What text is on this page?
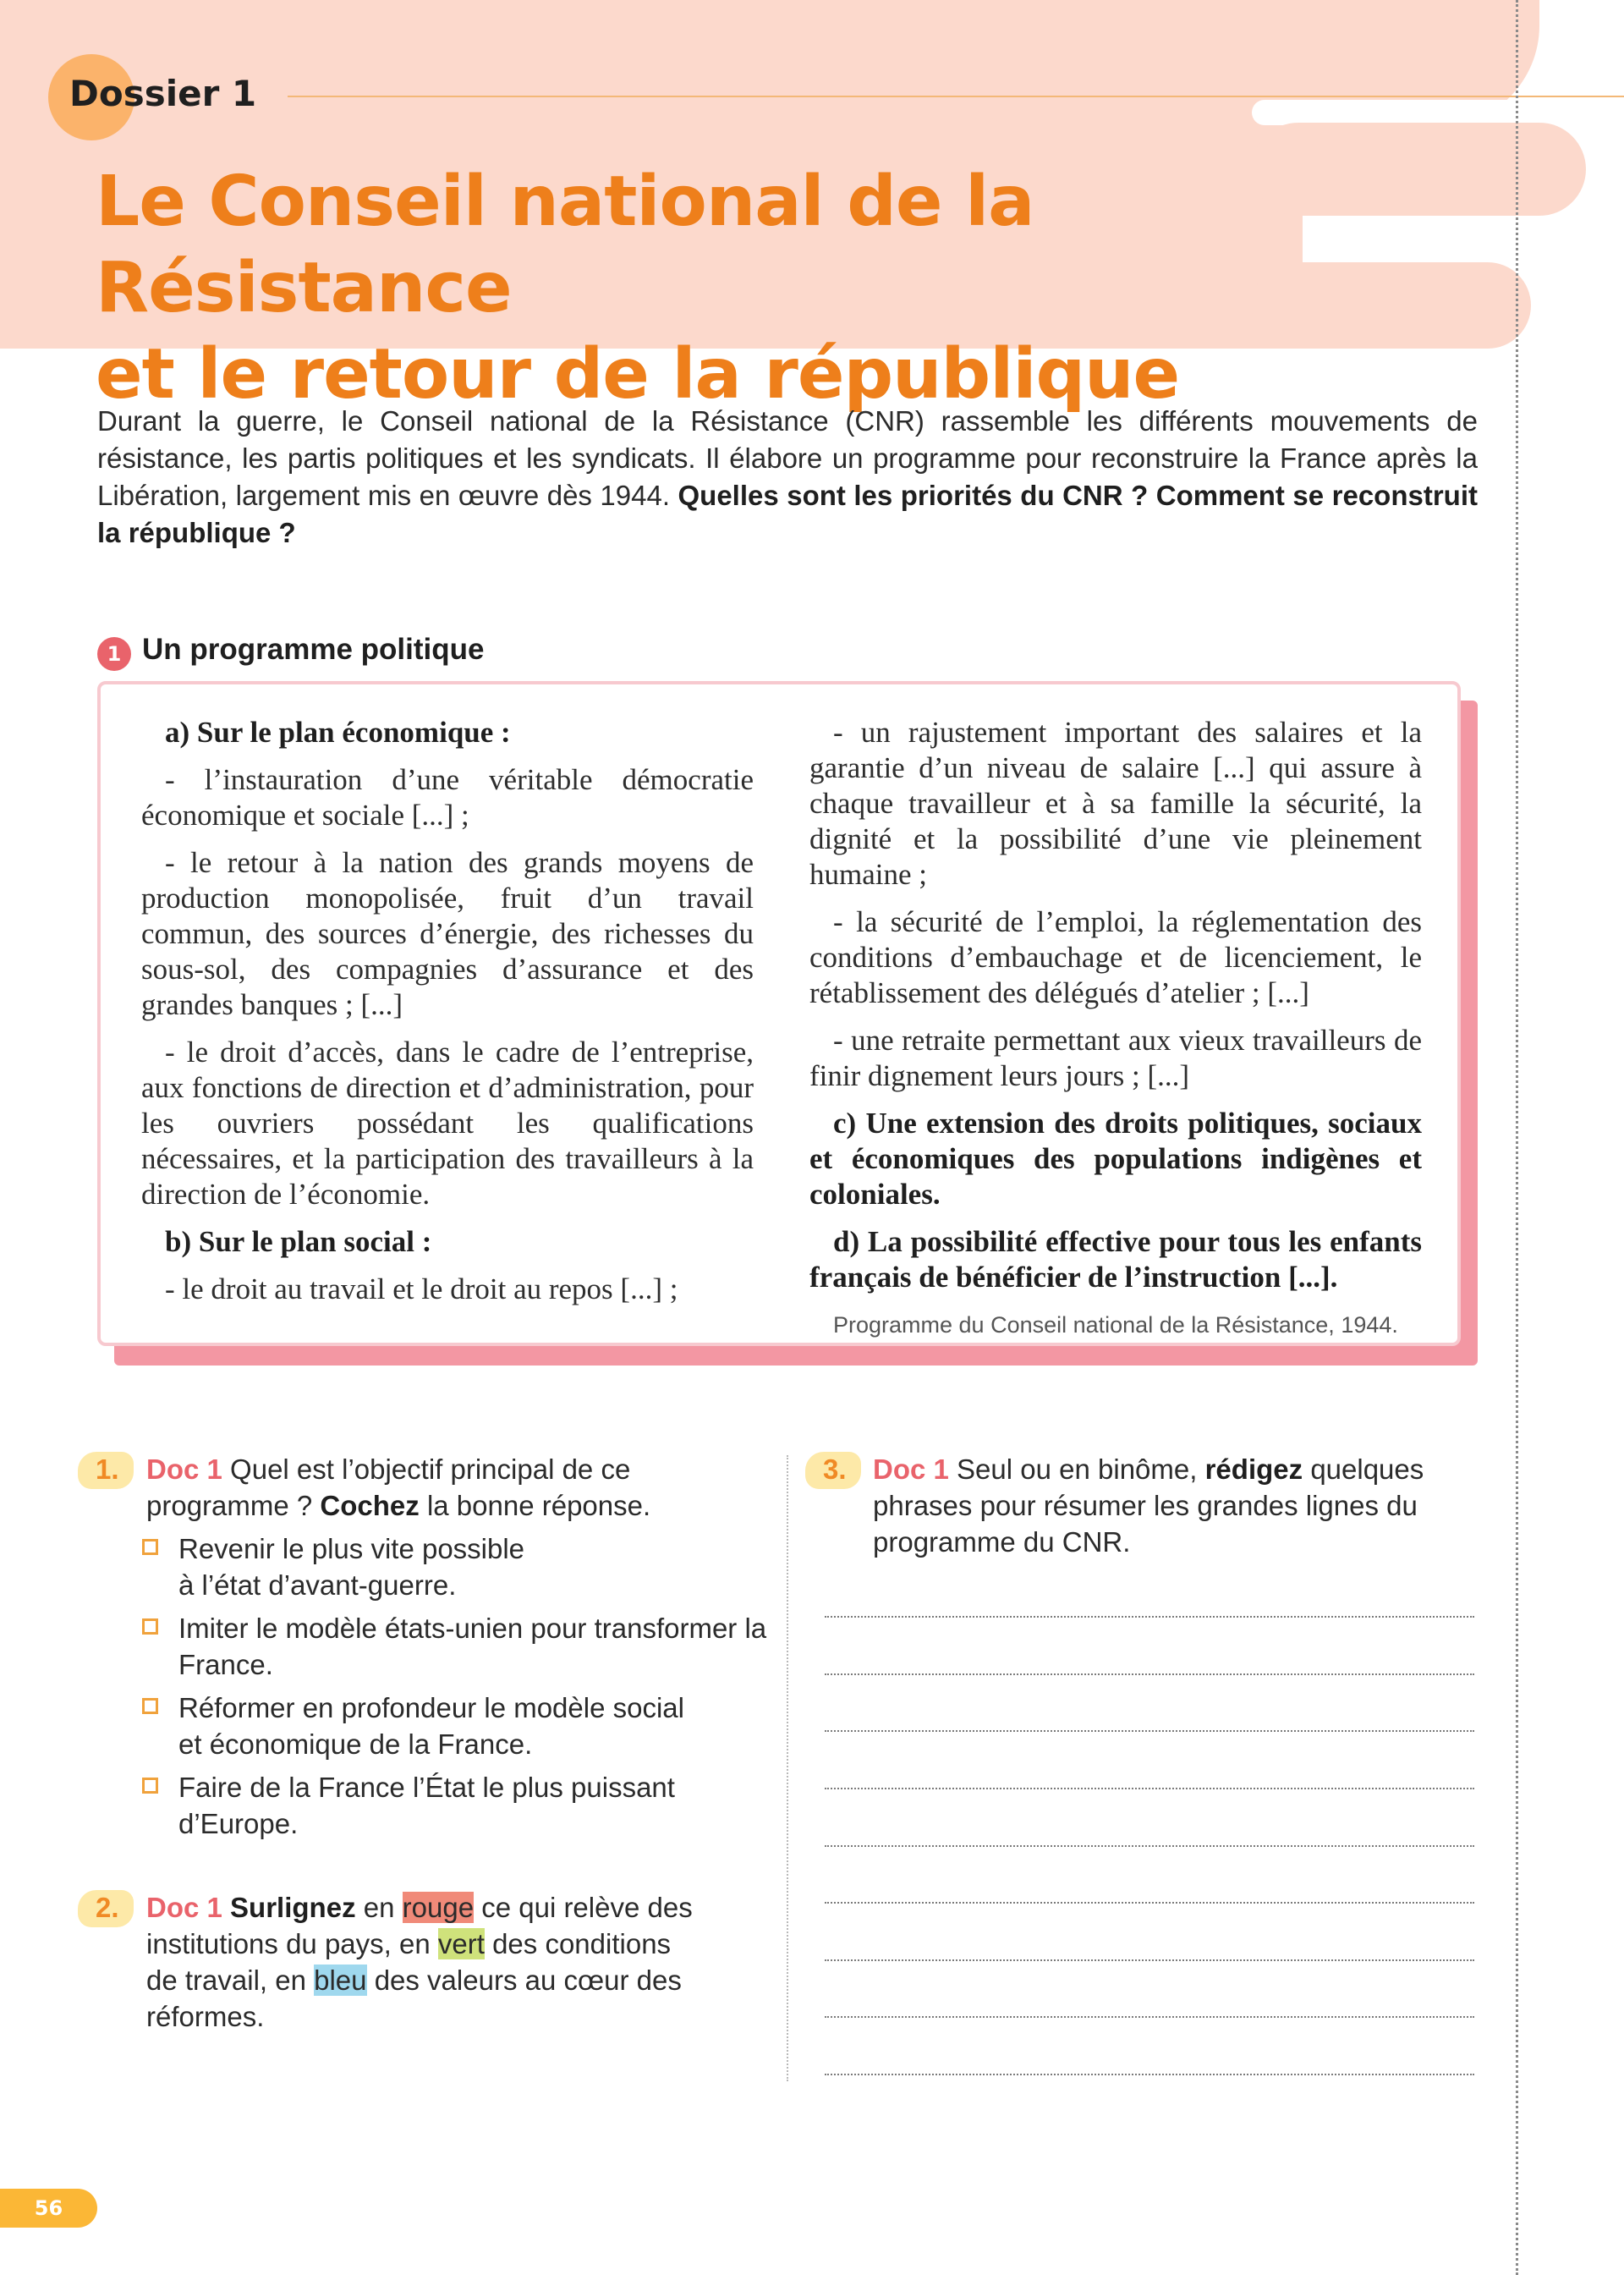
Dossier 1
Le Conseil national de la Résistance
et le retour de la république

Durant la guerre, le Conseil national de la Résistance (CNR) rassemble les différents mouvements de résistance, les partis politiques et les syndicats. Il élabore un programme pour reconstruire la France après la Libération, largement mis en œuvre dès 1944. Quelles sont les priorités du CNR ? Comment se reconstruit la république ?

1 Un programme politique

a) Sur le plan économique :

- l’instauration d’une véritable démocratie économique et sociale [...] ;

- le retour à la nation des grands moyens de production monopolisée, fruit d’un travail commun, des sources d’énergie, des richesses du sous-sol, des compagnies d’assurance et des grandes banques ; [...]

- le droit d’accès, dans le cadre de l’entreprise, aux fonctions de direction et d’administration, pour les ouvriers possédant les qualifications nécessaires, et la participation des travailleurs à la direction de l’économie.

b) Sur le plan social :

- le droit au travail et le droit au repos [...] ;

- un rajustement important des salaires et la garantie d’un niveau de salaire [...] qui assure à chaque travailleur et à sa famille la sécurité, la dignité et la possibilité d’une vie pleinement humaine ;

- la sécurité de l’emploi, la réglementation des conditions d’embauchage et de licenciement, le rétablissement des délégués d’atelier ; [...]

- une retraite permettant aux vieux travailleurs de finir dignement leurs jours ; [...]

c) Une extension des droits politiques, sociaux et économiques des populations indigènes et coloniales.

d) La possibilité effective pour tous les enfants français de bénéficier de l’instruction [...].

Programme du Conseil national de la Résistance, 1944.

1. Doc 1 Quel est l’objectif principal de ce programme ? Cochez la bonne réponse.

Revenir le plus vite possible à l’état d’avant-guerre.
Imiter le modèle états-unien pour transformer la France.
Réformer en profondeur le modèle social et économique de la France.
Faire de la France l’État le plus puissant d’Europe.
2. Doc 1 Surlignez en rouge ce qui relève des institutions du pays, en vert des conditions de travail, en bleu des valeurs au cœur des réformes.

3. Doc 1 Seul ou en binôme, rédigez quelques phrases pour résumer les grandes lignes du programme du CNR.

56
